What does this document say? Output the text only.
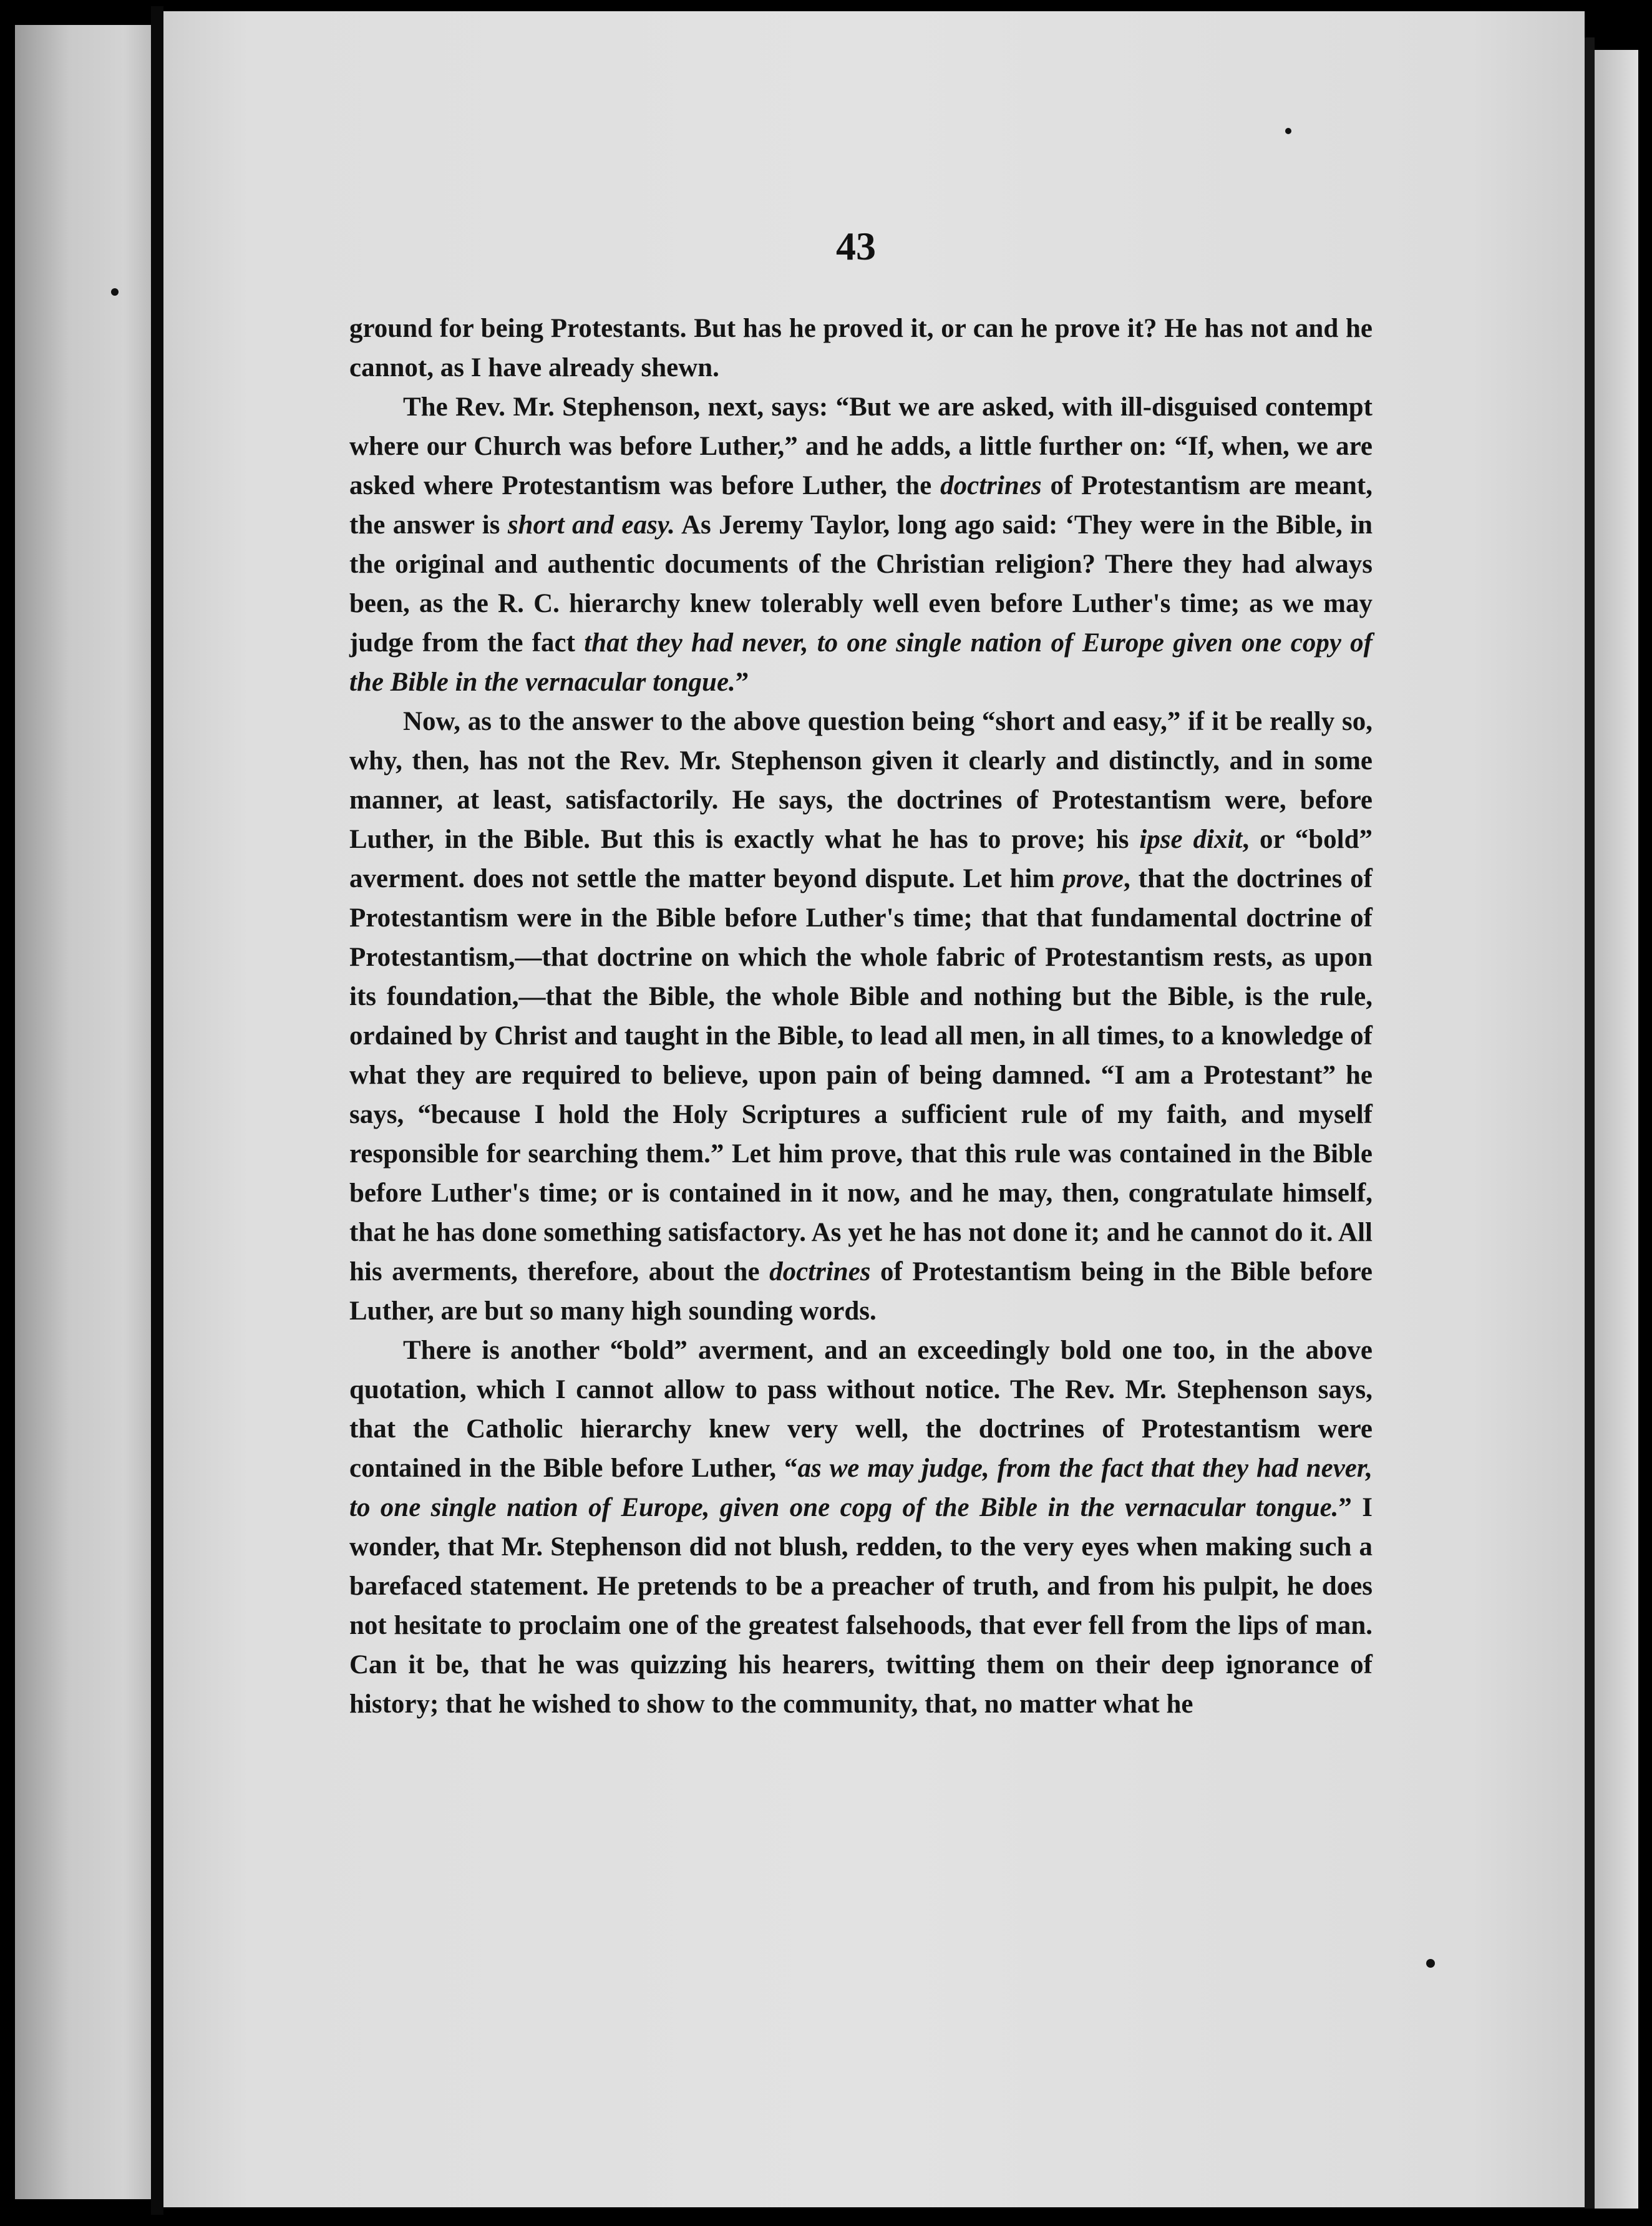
43

ground for being Protestants. But has he proved it, or can he prove it? He has not and he cannot, as I have already shewn.

The Rev. Mr. Stephenson, next, says: “But we are asked, with ill-disguised contempt where our Church was before Luther,” and he adds, a little further on: “If, when, we are asked where Protestantism was before Luther, the doctrines of Protestantism are meant, the answer is short and easy. As Jeremy Taylor, long ago said: ‘They were in the Bible, in the original and authentic documents of the Christian religion? There they had always been, as the R. C. hierarchy knew tolerably well even before Luther's time; as we may judge from the fact that they had never, to one single nation of Europe given one copy of the Bible in the vernacular tongue.”

Now, as to the answer to the above question being “short and easy,” if it be really so, why, then, has not the Rev. Mr. Stephenson given it clearly and distinctly, and in some manner, at least, satisfactorily. He says, the doctrines of Protestantism were, before Luther, in the Bible. But this is exactly what he has to prove; his ipse dixit, or “bold” averment. does not settle the matter beyond dispute. Let him prove, that the doctrines of Protestantism were in the Bible before Luther's time; that that fundamental doctrine of Protestantism,—that doctrine on which the whole fabric of Protestantism rests, as upon its foundation,—that the Bible, the whole Bible and nothing but the Bible, is the rule, ordained by Christ and taught in the Bible, to lead all men, in all times, to a knowledge of what they are required to believe, upon pain of being damned. “I am a Protestant” he says, “because I hold the Holy Scriptures a sufficient rule of my faith, and myself responsible for searching them.” Let him prove, that this rule was contained in the Bible before Luther's time; or is contained in it now, and he may, then, congratulate himself, that he has done something satisfactory. As yet he has not done it; and he cannot do it. All his averments, therefore, about the doctrines of Protestantism being in the Bible before Luther, are but so many high sounding words.

There is another “bold” averment, and an exceedingly bold one too, in the above quotation, which I cannot allow to pass without notice. The Rev. Mr. Stephenson says, that the Catholic hierarchy knew very well, the doctrines of Protestantism were contained in the Bible before Luther, “as we may judge, from the fact that they had never, to one single nation of Europe, given one copg of the Bible in the vernacular tongue.” I wonder, that Mr. Stephenson did not blush, redden, to the very eyes when making such a barefaced statement. He pretends to be a preacher of truth, and from his pulpit, he does not hesitate to proclaim one of the greatest falsehoods, that ever fell from the lips of man. Can it be, that he was quizzing his hearers, twitting them on their deep ignorance of history; that he wished to show to the community, that, no matter what he
